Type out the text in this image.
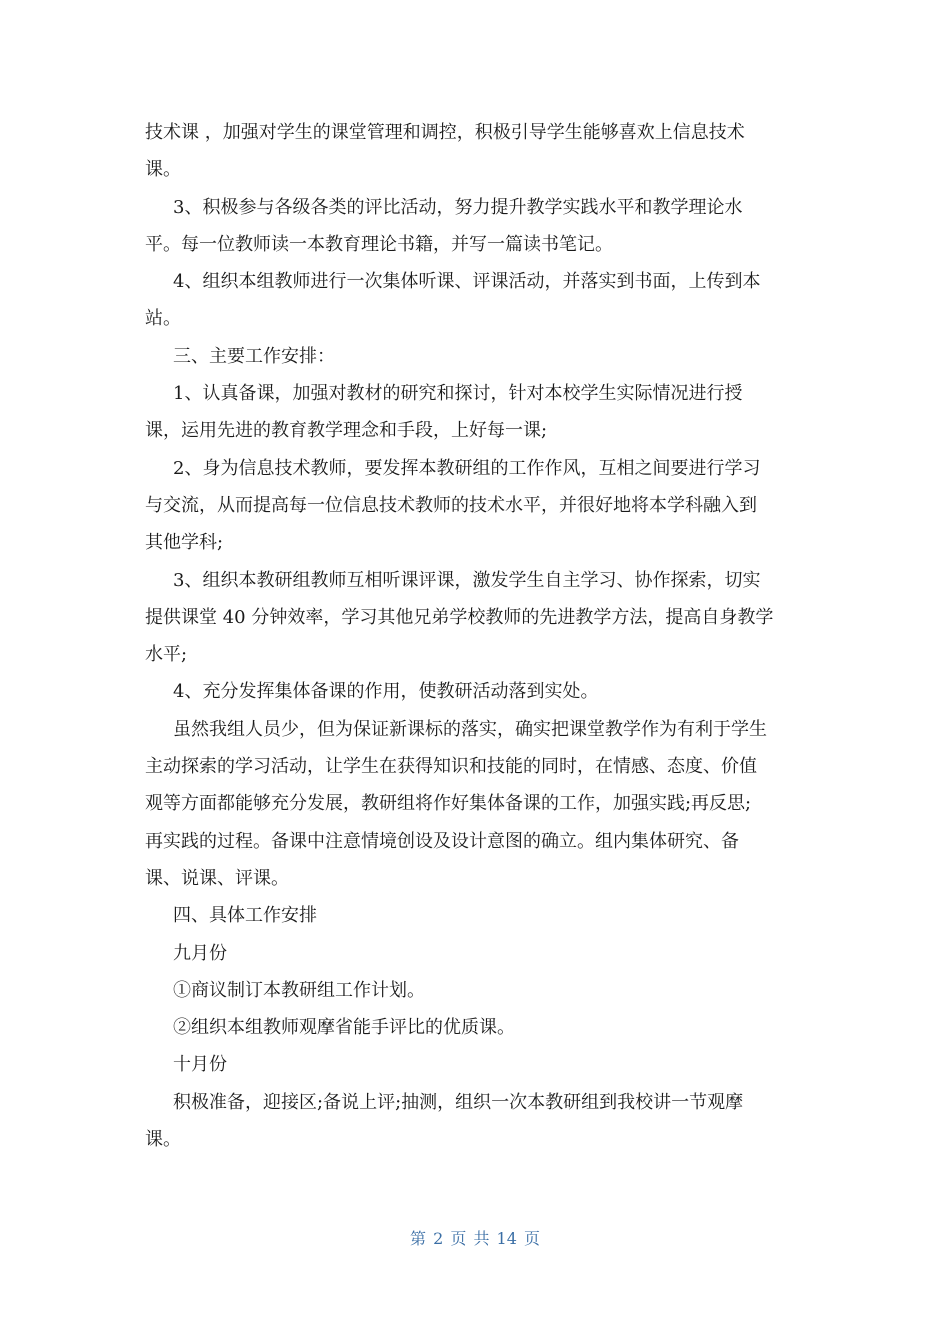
技术课 ，加强对学生的课堂管理和调控，积极引导学生能够喜欢上信息技术
课。
3、积极参与各级各类的评比活动，努力提升教学实践水平和教学理论水
平。每一位教师读一本教育理论书籍，并写一篇读书笔记。
4、组织本组教师进行一次集体听课、评课活动，并落实到书面，上传到本
站。
三、主要工作安排：
1、认真备课，加强对教材的研究和探讨，针对本校学生实际情况进行授
课，运用先进的教育教学理念和手段，上好每一课;
2、身为信息技术教师，要发挥本教研组的工作作风，互相之间要进行学习
与交流，从而提高每一位信息技术教师的技术水平，并很好地将本学科融入到
其他学科;
3、组织本教研组教师互相听课评课，激发学生自主学习、协作探索，切实
提供课堂 40 分钟效率，学习其他兄弟学校教师的先进教学方法，提高自身教学
水平;
4、充分发挥集体备课的作用，使教研活动落到实处。
虽然我组人员少，但为保证新课标的落实，确实把课堂教学作为有利于学生
主动探索的学习活动，让学生在获得知识和技能的同时，在情感、态度、价值
观等方面都能够充分发展，教研组将作好集体备课的工作，加强实践;再反思;
再实践的过程。备课中注意情境创设及设计意图的确立。组内集体研究、备
课、说课、评课。
四、具体工作安排
九月份
①商议制订本教研组工作计划。
②组织本组教师观摩省能手评比的优质课。
十月份
积极准备，迎接区;备说上评;抽测，组织一次本教研组到我校讲一节观摩
课。
第 2 页 共 14 页
